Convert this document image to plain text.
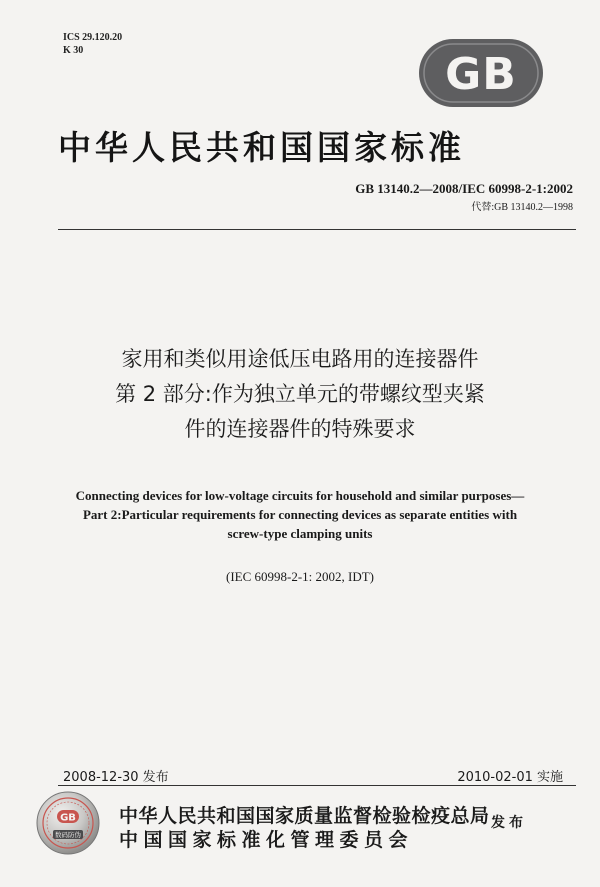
ICS 29.120.20
K 30	GB
中华人民共和国国家标准
GB 13140.2—2008/IEC 60998-2-1:2002
代替:GB 13140.2—1998
家用和类似用途低压电路用的连接器件
第 2 部分:作为独立单元的带螺纹型夹紧
件的连接器件的特殊要求
Connecting devices for low-voltage circuits for household and similar purposes—
Part 2:Particular requirements for connecting devices as separate entities with
screw-type clamping units
(IEC 60998-2-1: 2002, IDT)
2008-12-30 发布	2010-02-01 实施
GB
数码防伪
中华人民共和国国家质量监督检验检疫总局
中国国家标准化管理委员会
发布
